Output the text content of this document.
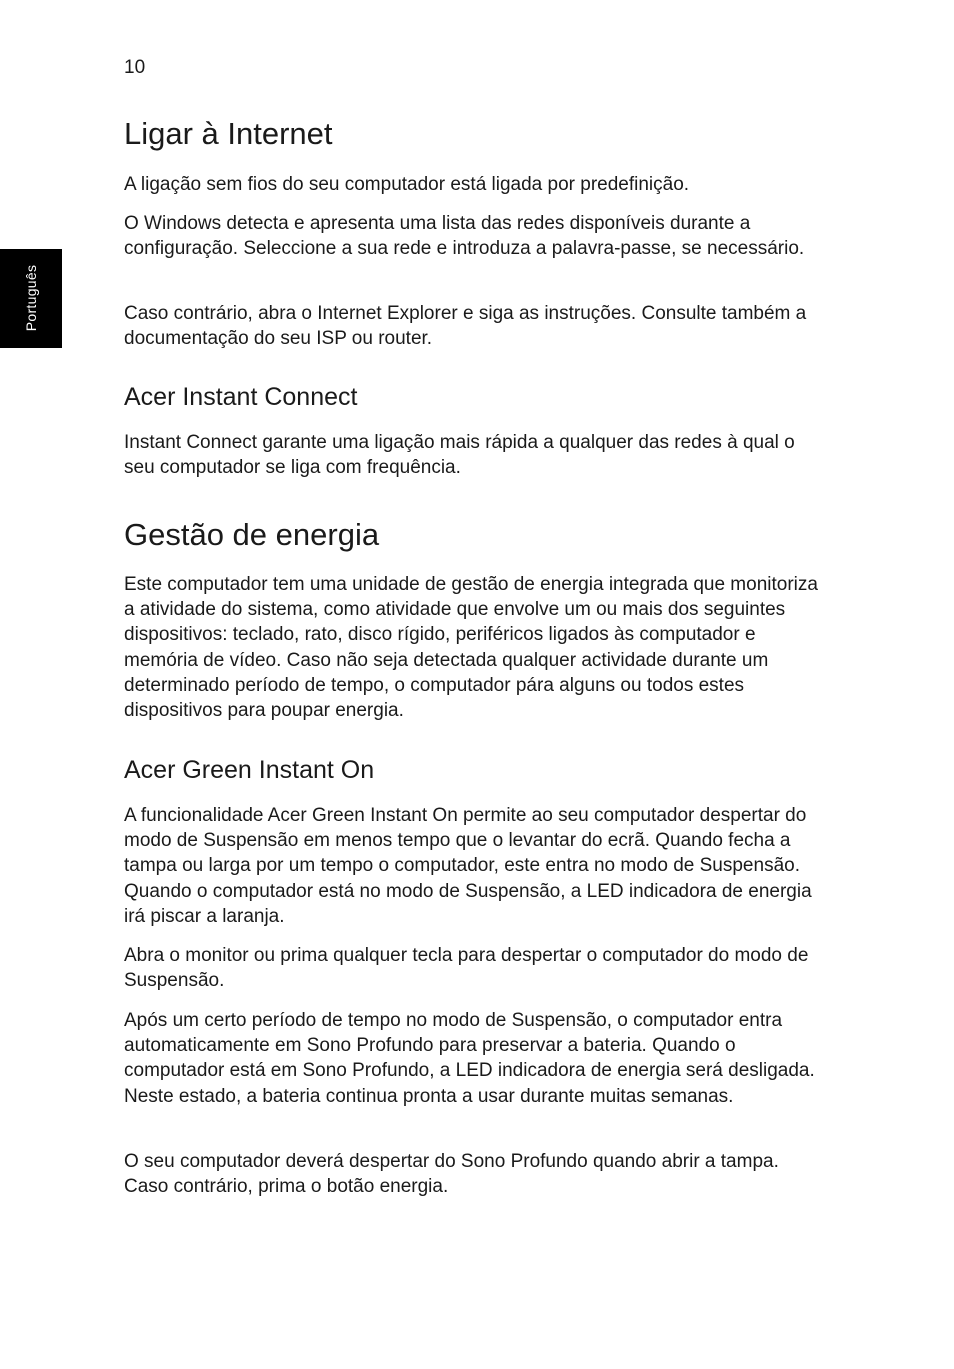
10
Português
Ligar à Internet

A ligação sem fios do seu computador está ligada por predefinição.

O Windows detecta e apresenta uma lista das redes disponíveis durante a configuração. Seleccione a sua rede e introduza a palavra-passe, se necessário.

Caso contrário, abra o Internet Explorer e siga as instruções. Consulte também a documentação do seu ISP ou router.

Acer Instant Connect

Instant Connect garante uma ligação mais rápida a qualquer das redes à qual o seu computador se liga com frequência.

Gestão de energia

Este computador tem uma unidade de gestão de energia integrada que monitoriza a atividade do sistema, como atividade que envolve um ou mais dos seguintes dispositivos: teclado, rato, disco rígido, periféricos ligados às computador e memória de vídeo. Caso não seja detectada qualquer actividade durante um determinado período de tempo, o computador pára alguns ou todos estes dispositivos para poupar energia.

Acer Green Instant On

A funcionalidade Acer Green Instant On permite ao seu computador despertar do modo de Suspensão em menos tempo que o levantar do ecrã. Quando fecha a tampa ou larga por um tempo o computador, este entra no modo de Suspensão. Quando o computador está no modo de Suspensão, a LED indicadora de energia irá piscar a laranja.

Abra o monitor ou prima qualquer tecla para despertar o computador do modo de Suspensão.

Após um certo período de tempo no modo de Suspensão, o computador entra automaticamente em Sono Profundo para preservar a bateria. Quando o computador está em Sono Profundo, a LED indicadora de energia será desligada. Neste estado, a bateria continua pronta a usar durante muitas semanas.

O seu computador deverá despertar do Sono Profundo quando abrir a tampa. Caso contrário, prima o botão energia.
